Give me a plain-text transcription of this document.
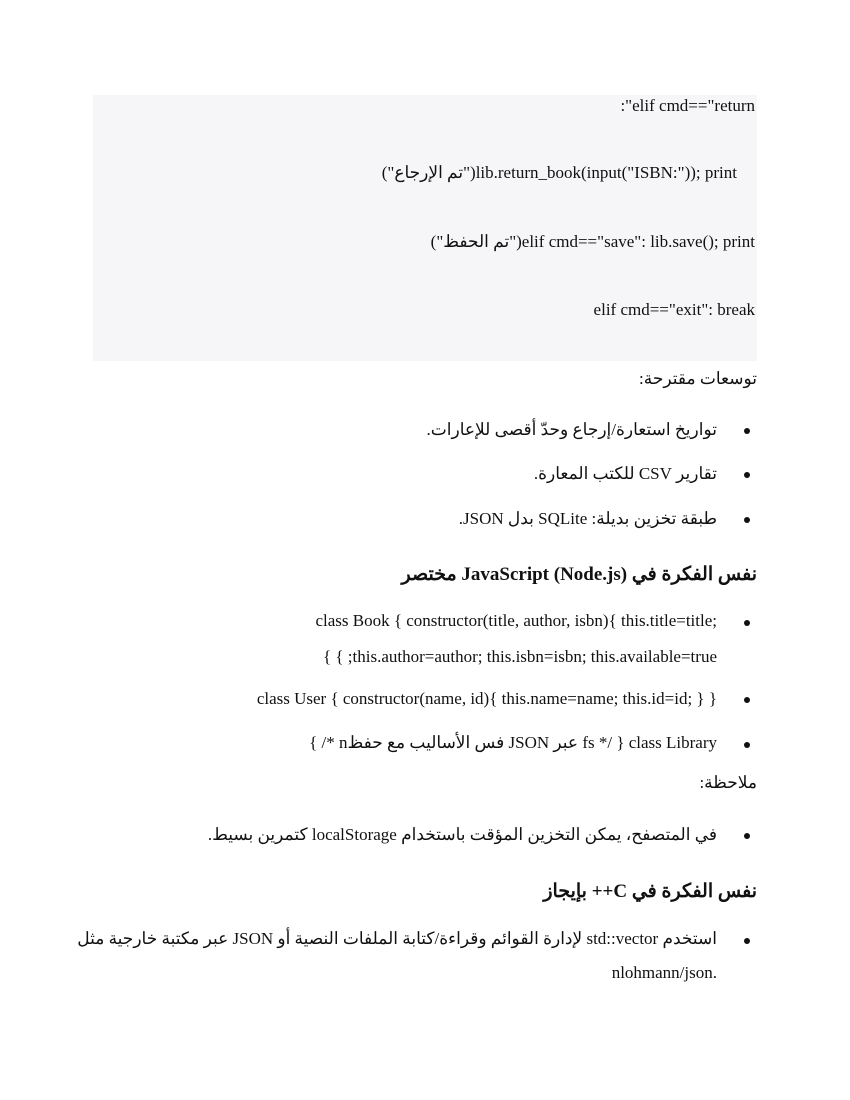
:"elif cmd=="return
("تم الإرجاع")lib.return_book(input("ISBN:")); print
("تم الحفظ")elif cmd=="save": lib.save(); print
elif cmd=="exit": break
توسعات مقترحة:
تواريخ استعارة/إرجاع وحدّ أقصى للإعارات.
تقارير CSV للكتب المعارة.
طبقة تخزين بديلة: SQLite بدل JSON.
نفس الفكرة في JavaScript (Node.js) مختصر
class Book { constructor(title, author, isbn){ this.title=title;
{ { ;this.author=author; this.isbn=isbn; this.available=true
class User { constructor(name, id){ this.name=name; this.id=id; } }
{ /* nفس الأساليب مع حفظ JSON عبر fs */ } class Library
ملاحظة:
في المتصفح، يمكن التخزين المؤقت باستخدام localStorage كتمرين بسيط.
نفس الفكرة في C++ بإيجاز
استخدم std::vector لإدارة القوائم وقراءة/كتابة الملفات النصية أو JSON عبر مكتبة خارجية مثل
.nlohmann/json
